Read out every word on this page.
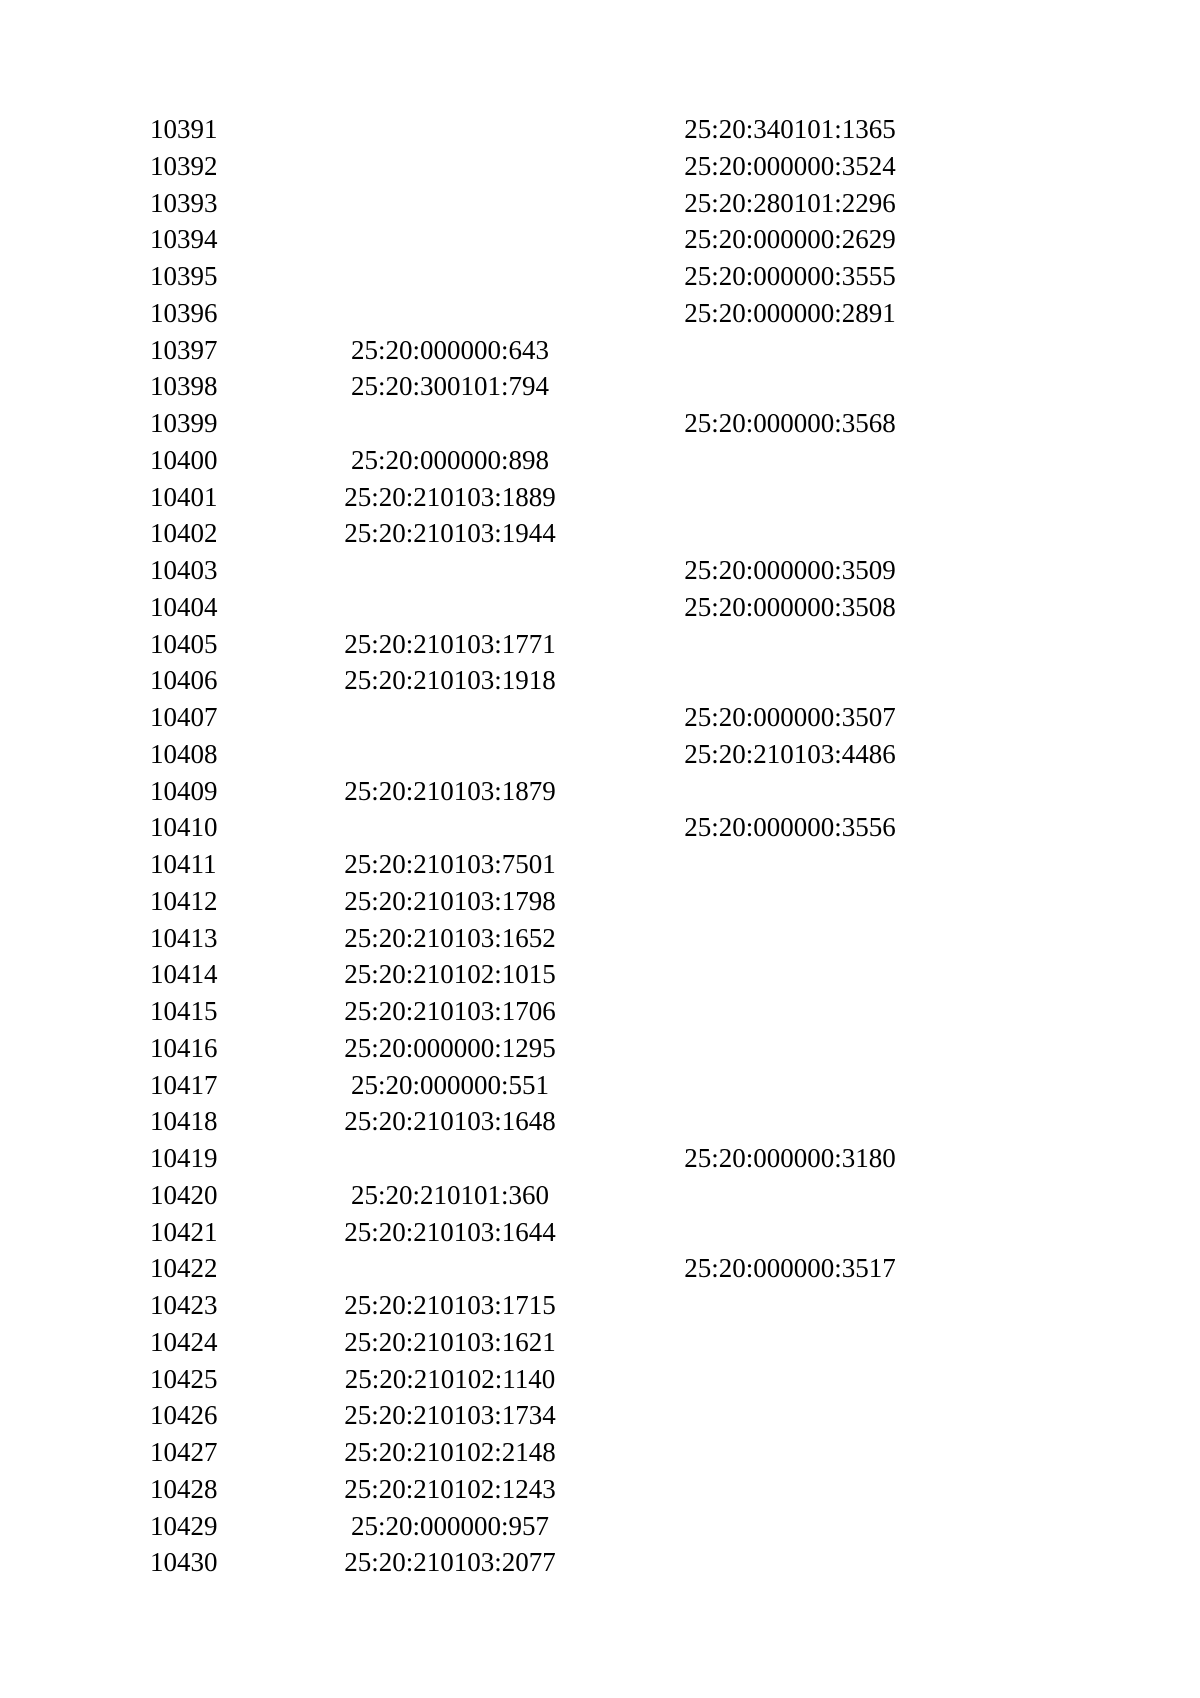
10391			25:20:340101:1365
10392			25:20:000000:3524
10393			25:20:280101:2296
10394			25:20:000000:2629
10395			25:20:000000:3555
10396			25:20:000000:2891
10397	25:20:000000:643		
10398	25:20:300101:794		
10399			25:20:000000:3568
10400	25:20:000000:898		
10401	25:20:210103:1889		
10402	25:20:210103:1944		
10403			25:20:000000:3509
10404			25:20:000000:3508
10405	25:20:210103:1771		
10406	25:20:210103:1918		
10407			25:20:000000:3507
10408			25:20:210103:4486
10409	25:20:210103:1879		
10410			25:20:000000:3556
10411	25:20:210103:7501		
10412	25:20:210103:1798		
10413	25:20:210103:1652		
10414	25:20:210102:1015		
10415	25:20:210103:1706		
10416	25:20:000000:1295		
10417	25:20:000000:551		
10418	25:20:210103:1648		
10419			25:20:000000:3180
10420	25:20:210101:360		
10421	25:20:210103:1644		
10422			25:20:000000:3517
10423	25:20:210103:1715		
10424	25:20:210103:1621		
10425	25:20:210102:1140		
10426	25:20:210103:1734		
10427	25:20:210102:2148		
10428	25:20:210102:1243		
10429	25:20:000000:957		
10430	25:20:210103:2077		
